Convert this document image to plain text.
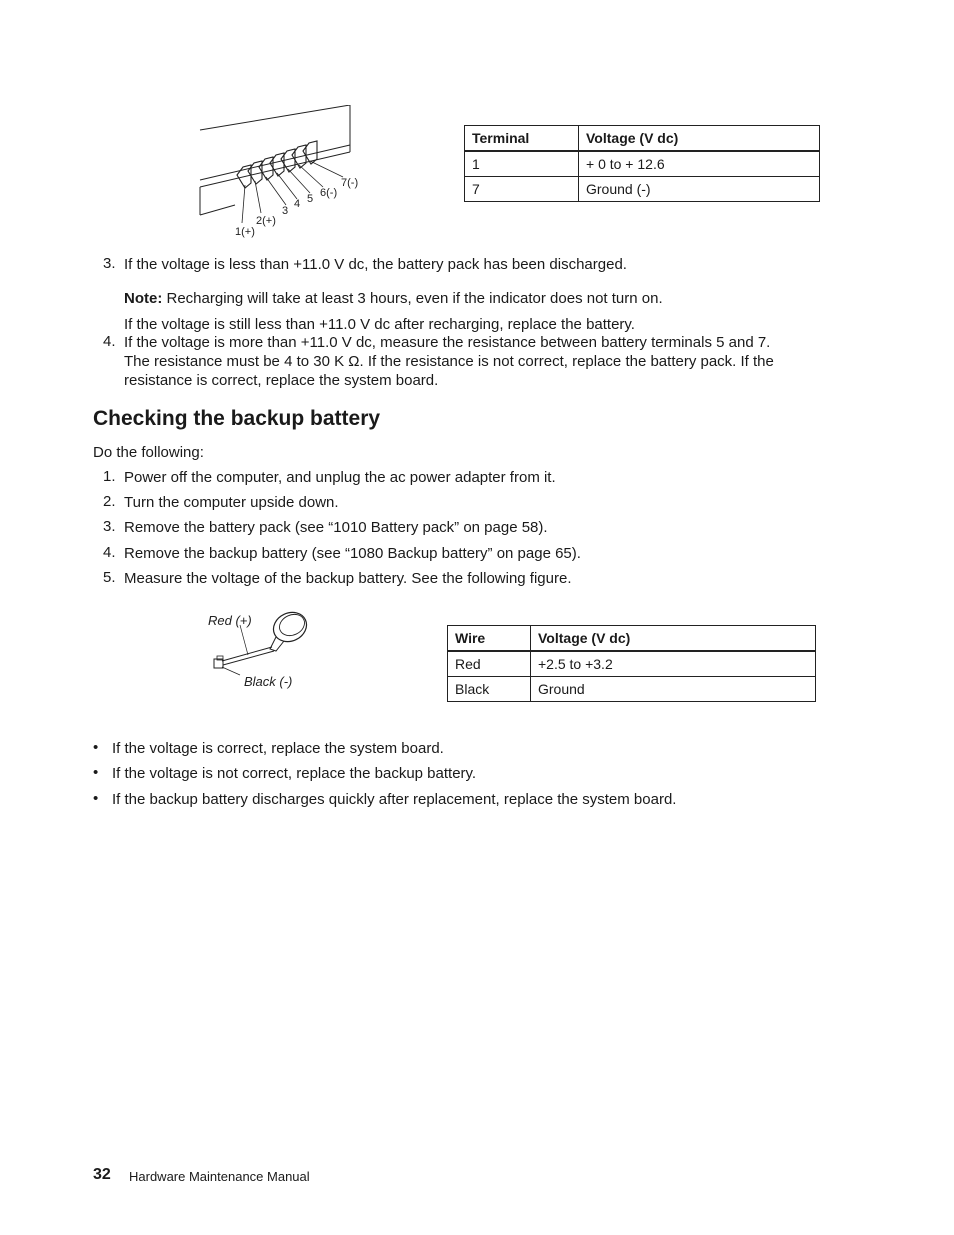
1(+)
2(+)
3
4 5 6(-)
7(-)
Terminal	Voltage (V dc)
1	+ 0 to + 12.6
7	Ground (-)
3. If the voltage is less than +11.0 V dc, the battery pack has been discharged.
Note: Recharging will take at least 3 hours, even if the indicator does not turn on.
If the voltage is still less than +11.0 V dc after recharging, replace the battery.
4. If the voltage is more than +11.0 V dc, measure the resistance between battery terminals 5 and 7.
The resistance must be 4 to 30 K Ω. If the resistance is not correct, replace the battery pack. If the
resistance is correct, replace the system board.
Checking the backup battery
Do the following:
1. Power off the computer, and unplug the ac power adapter from it.
2. Turn the computer upside down.
3. Remove the battery pack (see “1010 Battery pack” on page 58).
4. Remove the backup battery (see “1080 Backup battery” on page 65).
5. Measure the voltage of the backup battery. See the following figure.
Red (+)
Black (-)
Wire	Voltage (V dc)
Red	+2.5 to +3.2
Black	Ground
• If the voltage is correct, replace the system board.
• If the voltage is not correct, replace the backup battery.
• If the backup battery discharges quickly after replacement, replace the system board.
32 Hardware Maintenance Manual
